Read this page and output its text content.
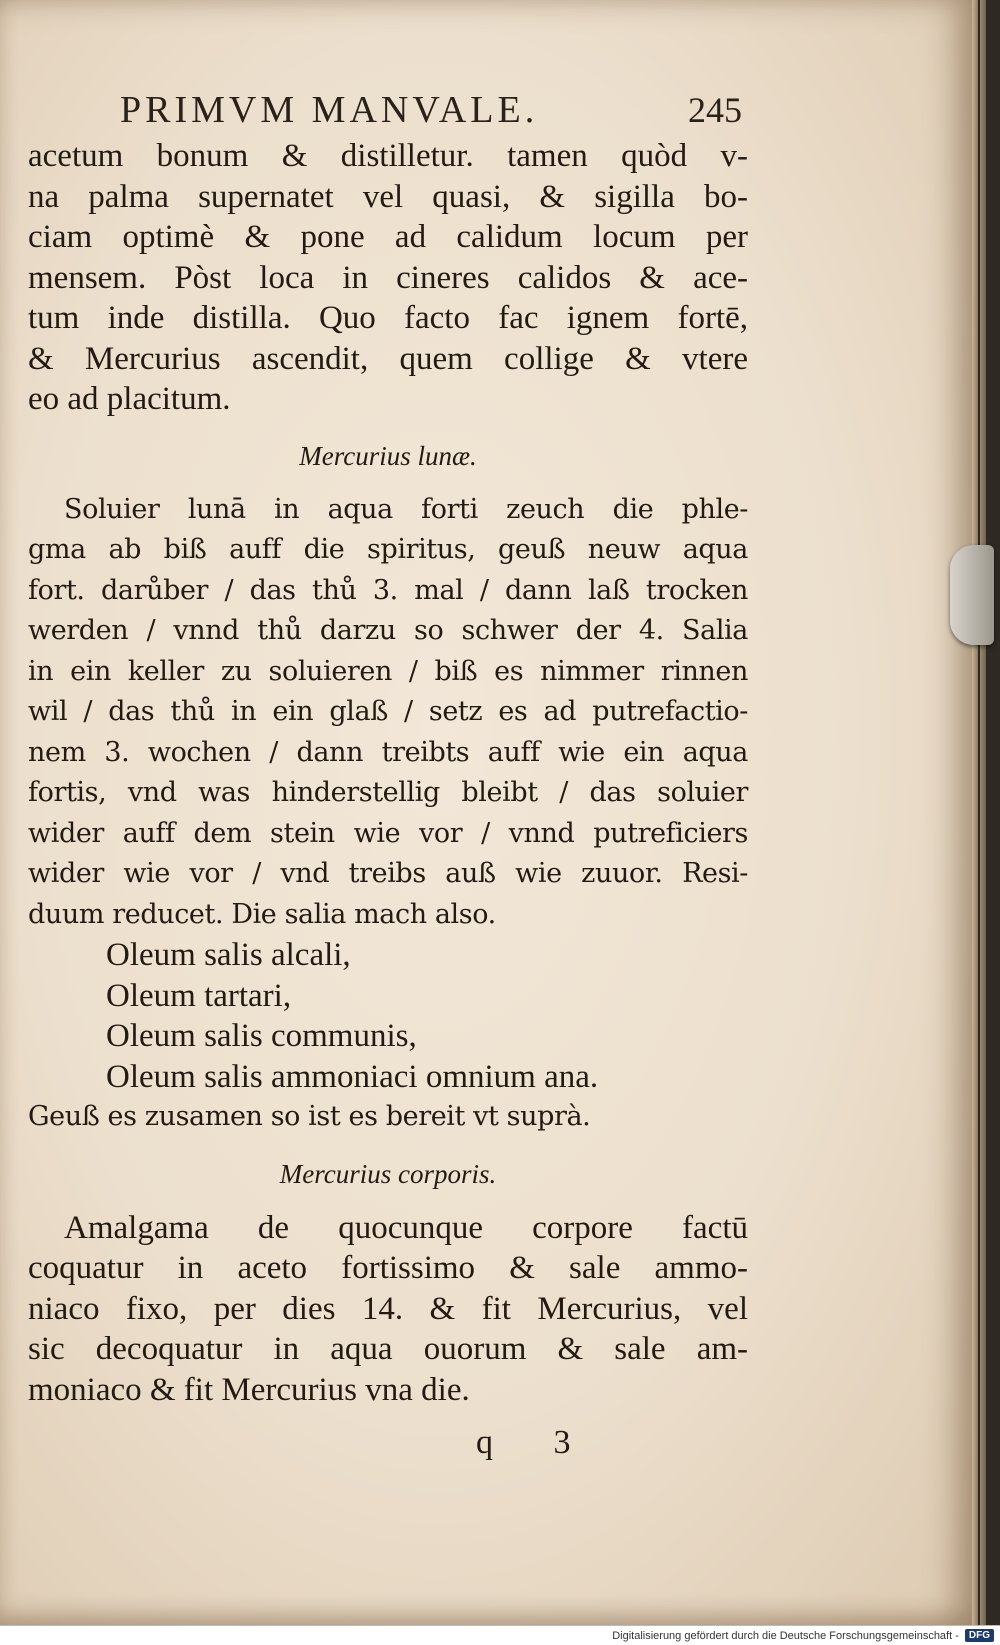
PRIMVM MANVALE.	245
acetum bonum & distilletur. tamen quòd v-
na palma supernatet vel quasi, & sigilla bo-
ciam optimè & pone ad calidum locum per
mensem. Pòst loca in cineres calidos & ace-
tum inde distilla. Quo facto fac ignem fortē,
& Mercurius ascendit, quem collige & vtere
eo ad placitum.
Mercurius lunæ.
Soluier lunā in aqua forti zeuch die phle-
gma ab biß auff die spiritus, geuß neuw aqua
fort. darůber / das thů 3. mal / dann laß trocken
werden / vnnd thů darzu so schwer der 4. Salia
in ein keller zu soluieren / biß es nimmer rinnen
wil / das thů in ein glaß / setz es ad putrefactio-
nem 3. wochen / dann treibts auff wie ein aqua
fortis, vnd was hinderstellig bleibt / das soluier
wider auff dem stein wie vor / vnnd putreficiers
wider wie vor / vnd treibs auß wie zuuor. Resi-
duum reducet. Die salia mach also.
Oleum salis alcali,
Oleum tartari,
Oleum salis communis,
Oleum salis ammoniaci omnium ana.
Geuß es zusamen so ist es bereit vt suprà.
Mercurius corporis.
Amalgama de quocunque corpore factū
coquatur in aceto fortissimo & sale ammo-
niaco fixo, per dies 14. & fit Mercurius, vel
sic decoquatur in aqua ouorum & sale am-
moniaco & fit Mercurius vna die.
q 3
Digitalisierung gefördert durch die Deutsche Forschungsgemeinschaft -	DFG
